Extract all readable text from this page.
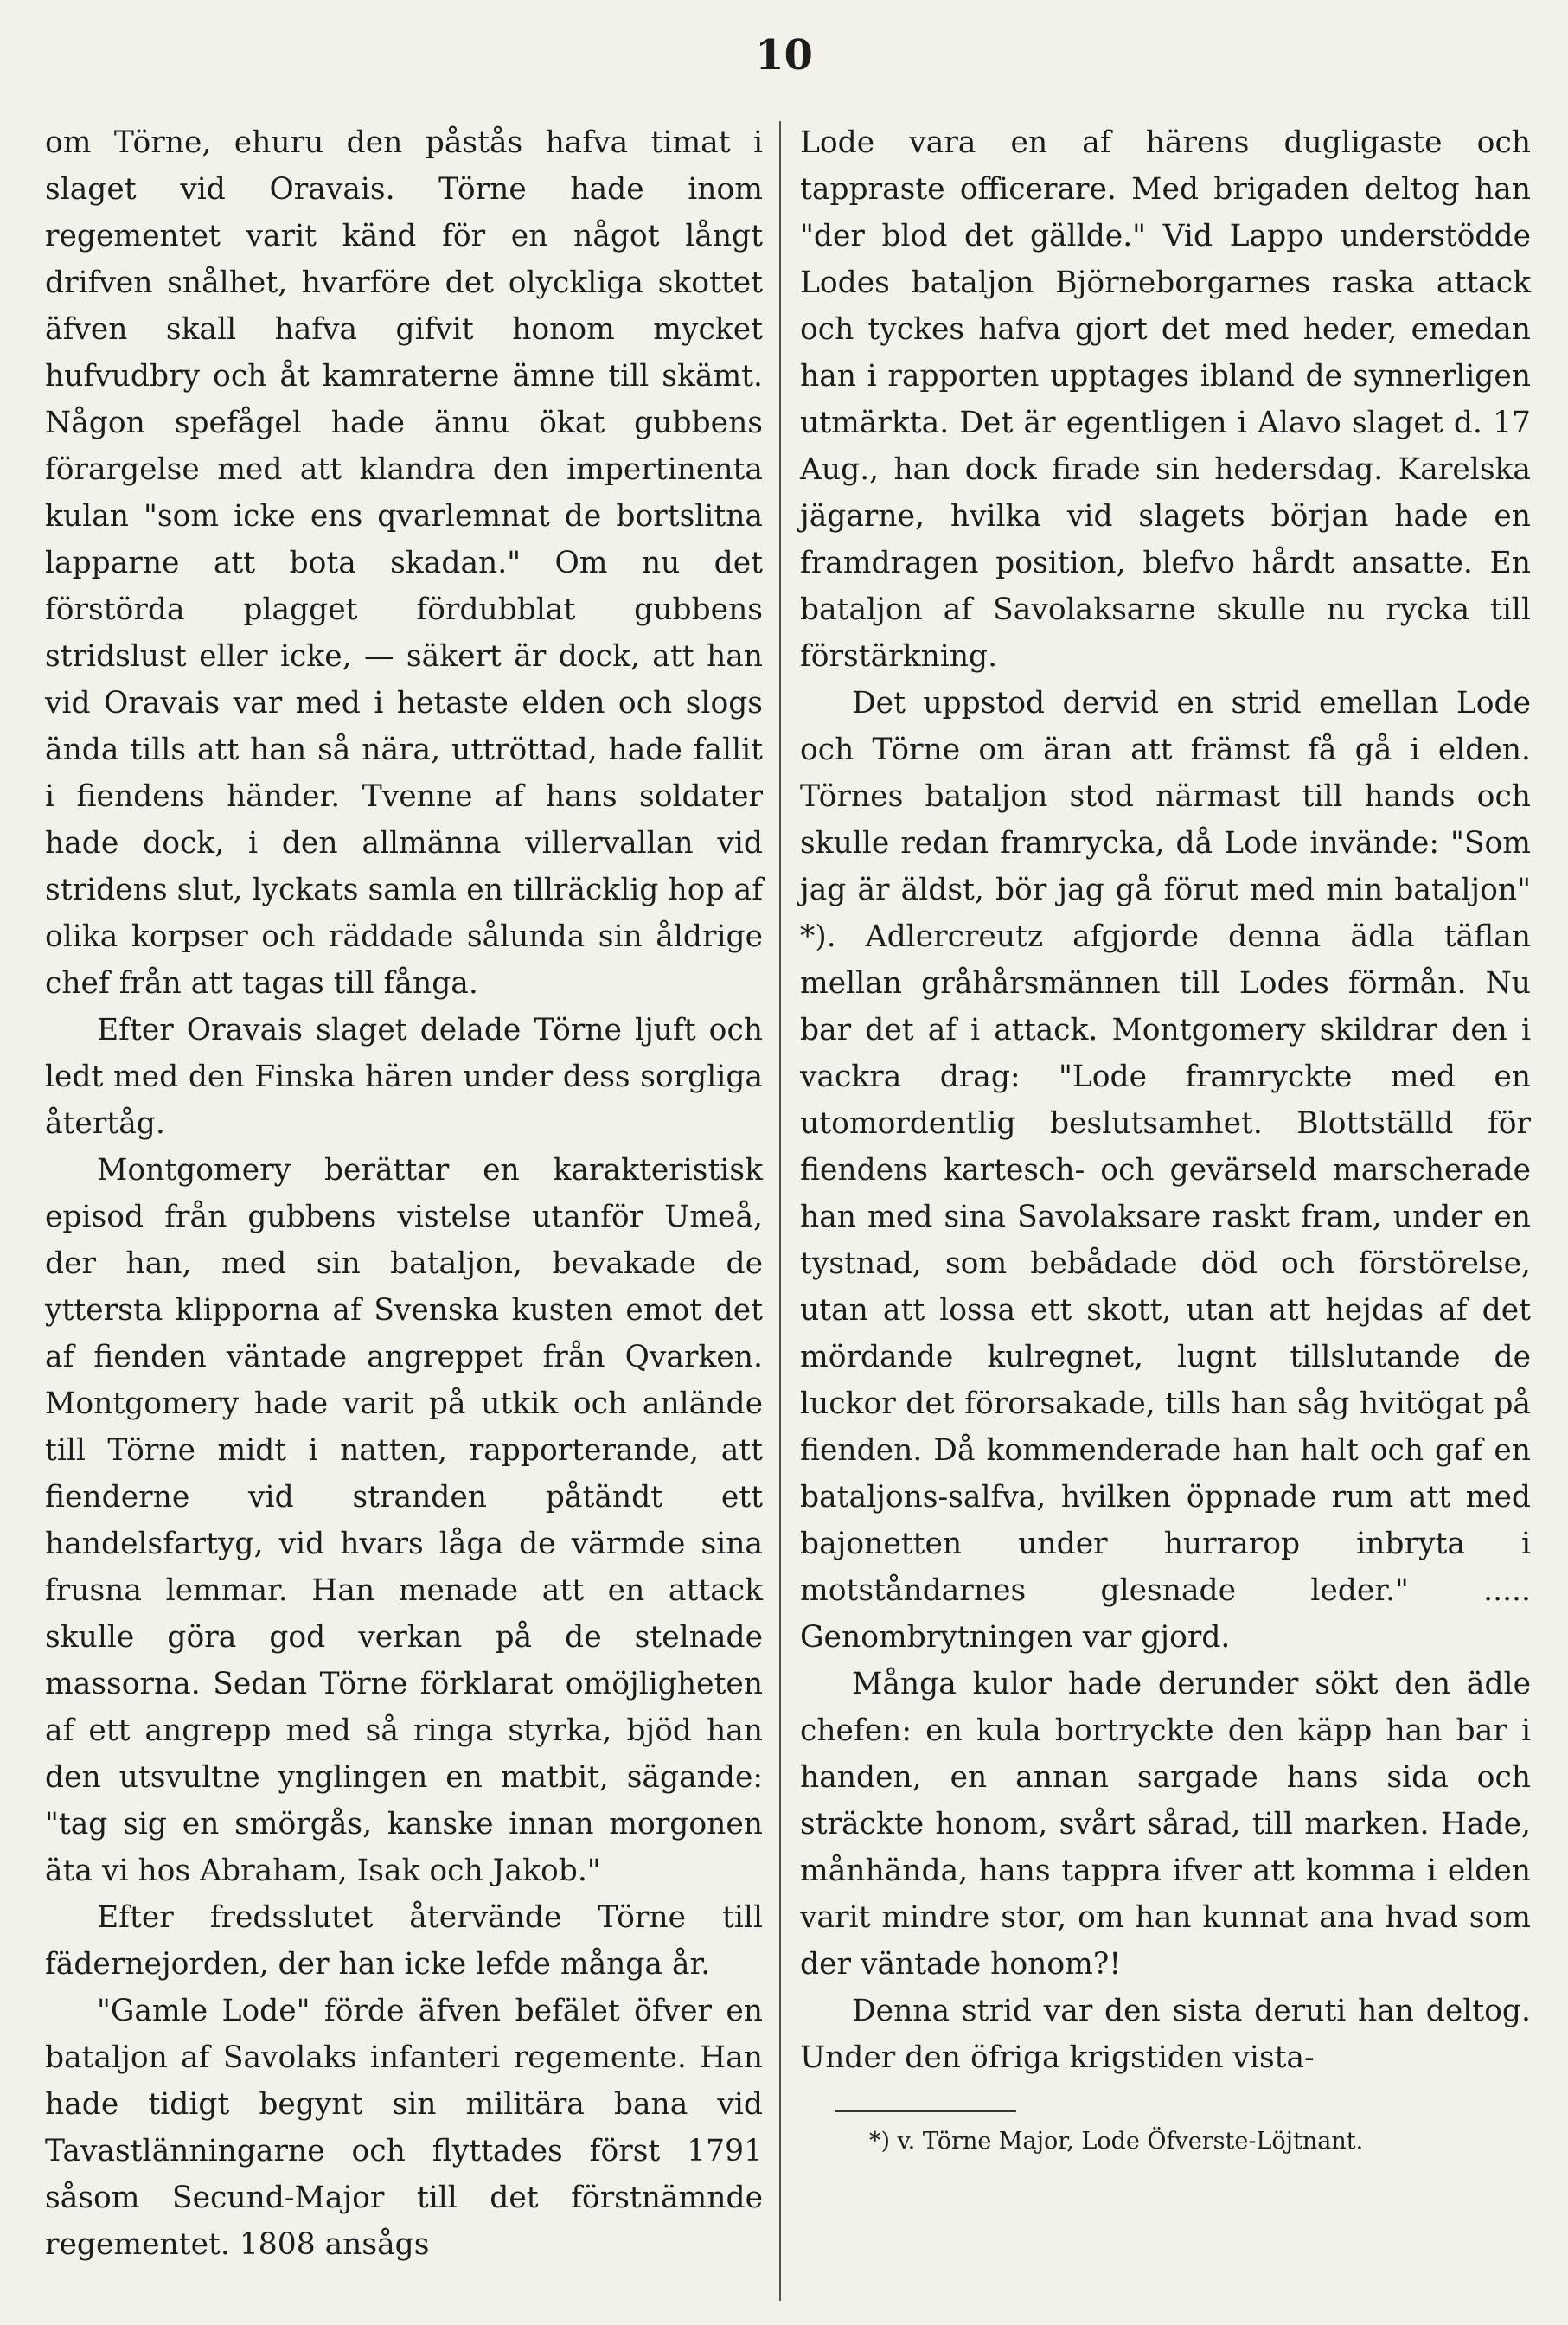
10

om Törne, ehuru den påstås hafva timat i slaget vid Oravais. Törne hade inom regementet varit känd för en något långt drifven snålhet, hvarföre det olyckliga skottet äfven skall hafva gifvit honom mycket hufvudbry och åt kamraterne ämne till skämt. Någon spefågel hade ännu ökat gubbens förargelse med att klandra den impertinenta kulan "som icke ens qvarlemnat de bortslitna lapparne att bota skadan." Om nu det förstörda plagget fördubblat gubbens stridslust eller icke, — säkert är dock, att han vid Oravais var med i hetaste elden och slogs ända tills att han så nära, uttröttad, hade fallit i fiendens händer. Tvenne af hans soldater hade dock, i den allmänna villervallan vid stridens slut, lyckats samla en tillräcklig hop af olika korpser och räddade sålunda sin åldrige chef från att tagas till fånga.

Efter Oravais slaget delade Törne ljuft och ledt med den Finska hären under dess sorgliga återtåg.

Montgomery berättar en karakteristisk episod från gubbens vistelse utanför Umeå, der han, med sin bataljon, bevakade de yttersta klipporna af Svenska kusten emot det af fienden väntade angreppet från Qvarken. Montgomery hade varit på utkik och anlände till Törne midt i natten, rapporterande, att fienderne vid stranden påtändt ett handelsfartyg, vid hvars låga de värmde sina frusna lemmar. Han menade att en attack skulle göra god verkan på de stelnade massorna. Sedan Törne förklarat omöjligheten af ett angrepp med så ringa styrka, bjöd han den utsvultne ynglingen en matbit, sägande: "tag sig en smörgås, kanske innan morgonen äta vi hos Abraham, Isak och Jakob."

Efter fredsslutet återvände Törne till fädernejorden, der han icke lefde många år.

"Gamle Lode" förde äfven befälet öfver en bataljon af Savolaks infanteri regemente. Han hade tidigt begynt sin militära bana vid Tavastlänningarne och flyttades först 1791 såsom Secund-Major till det förstnämnde regementet. 1808 ansågs

Lode vara en af härens dugligaste och tappraste officerare. Med brigaden deltog han "der blod det gällde." Vid Lappo understödde Lodes bataljon Björneborgarnes raska attack och tyckes hafva gjort det med heder, emedan han i rapporten upptages ibland de synnerligen utmärkta. Det är egentligen i Alavo slaget d. 17 Aug., han dock firade sin hedersdag. Karelska jägarne, hvilka vid slagets början hade en framdragen position, blefvo hårdt ansatte. En bataljon af Savolaksarne skulle nu rycka till förstärkning.

Det uppstod dervid en strid emellan Lode och Törne om äran att främst få gå i elden. Törnes bataljon stod närmast till hands och skulle redan framrycka, då Lode invände: "Som jag är äldst, bör jag gå förut med min bataljon" *). Adlercreutz afgjorde denna ädla täflan mellan gråhårsmännen till Lodes förmån. Nu bar det af i attack. Montgomery skildrar den i vackra drag: "Lode framryckte med en utomordentlig beslutsamhet. Blottställd för fiendens kartesch- och gevärseld marscherade han med sina Savolaksare raskt fram, under en tystnad, som bebådade död och förstörelse, utan att lossa ett skott, utan att hejdas af det mördande kulregnet, lugnt tillslutande de luckor det förorsakade, tills han såg hvitögat på fienden. Då kommenderade han halt och gaf en bataljons-salfva, hvilken öppnade rum att med bajonetten under hurrarop inbryta i motståndarnes glesnade leder." ..... Genombrytningen var gjord.

Många kulor hade derunder sökt den ädle chefen: en kula bortryckte den käpp han bar i handen, en annan sargade hans sida och sträckte honom, svårt sårad, till marken. Hade, månhända, hans tappra ifver att komma i elden varit mindre stor, om han kunnat ana hvad som der väntade honom?!

Denna strid var den sista deruti han deltog. Under den öfriga krigstiden vista-

*) v. Törne Major, Lode Öfverste-Löjtnant.
